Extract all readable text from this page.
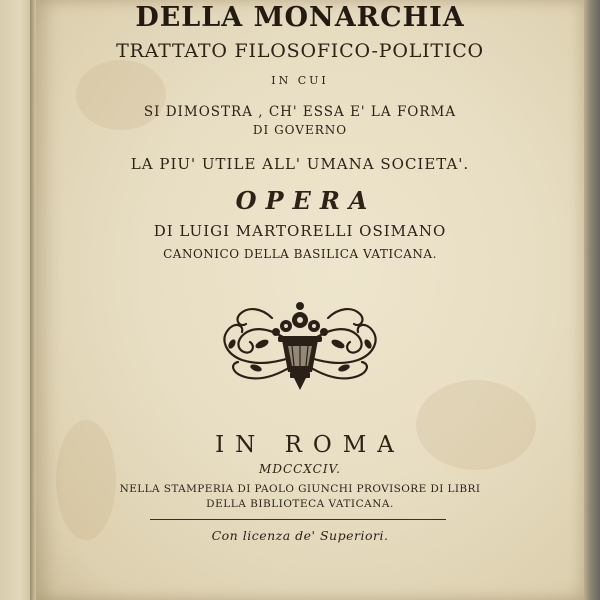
DELLA MONARCHIA
TRATTATO FILOSOFICO-POLITICO
IN CUI
SI DIMOSTRA , CH' ESSA E' LA FORMA
DI GOVERNO
LA PIU' UTILE ALL' UMANA SOCIETA'.
OPERA
DI LUIGI MARTORELLI OSIMANO
CANONICO DELLA BASILICA VATICANA.
IN ROMA
MDCCXCIV.
NELLA STAMPERIA DI PAOLO GIUNCHI PROVISORE DI LIBRI
DELLA BIBLIOTECA VATICANA.
Con licenza de' Superiori.
